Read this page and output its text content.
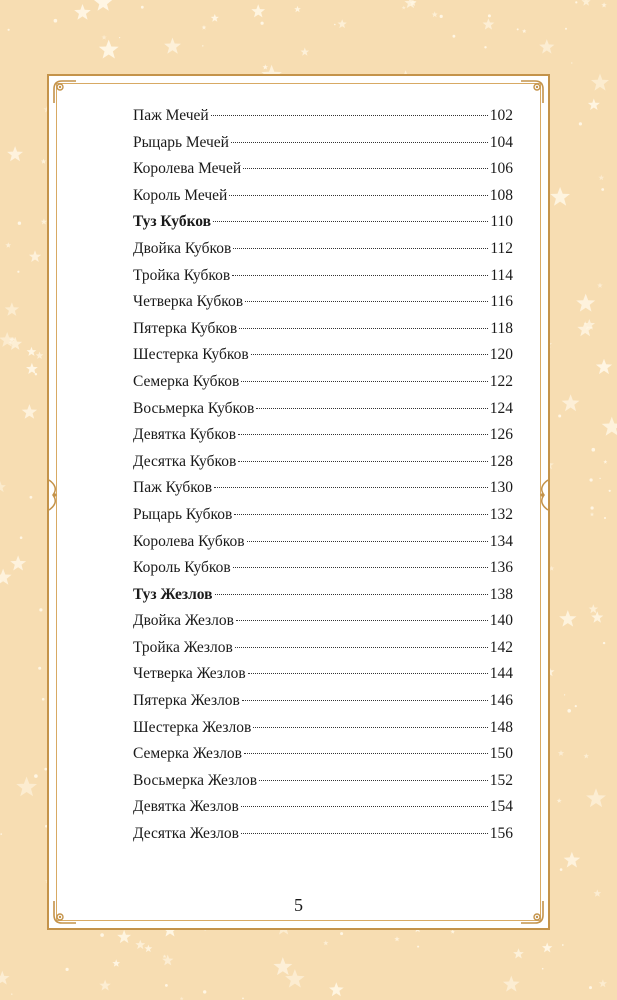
Паж Мечей	102
Рыцарь Мечей	104
Королева Мечей	106
Король Мечей	108
Туз Кубков	110
Двойка Кубков	112
Тройка Кубков	114
Четверка Кубков	116
Пятерка Кубков	118
Шестерка Кубков	120
Семерка Кубков	122
Восьмерка Кубков	124
Девятка Кубков	126
Десятка Кубков	128
Паж Кубков	130
Рыцарь Кубков	132
Королева Кубков	134
Король Кубков	136
Туз Жезлов	138
Двойка Жезлов	140
Тройка Жезлов	142
Четверка Жезлов	144
Пятерка Жезлов	146
Шестерка Жезлов	148
Семерка Жезлов	150
Восьмерка Жезлов	152
Девятка Жезлов	154
Десятка Жезлов	156
5
